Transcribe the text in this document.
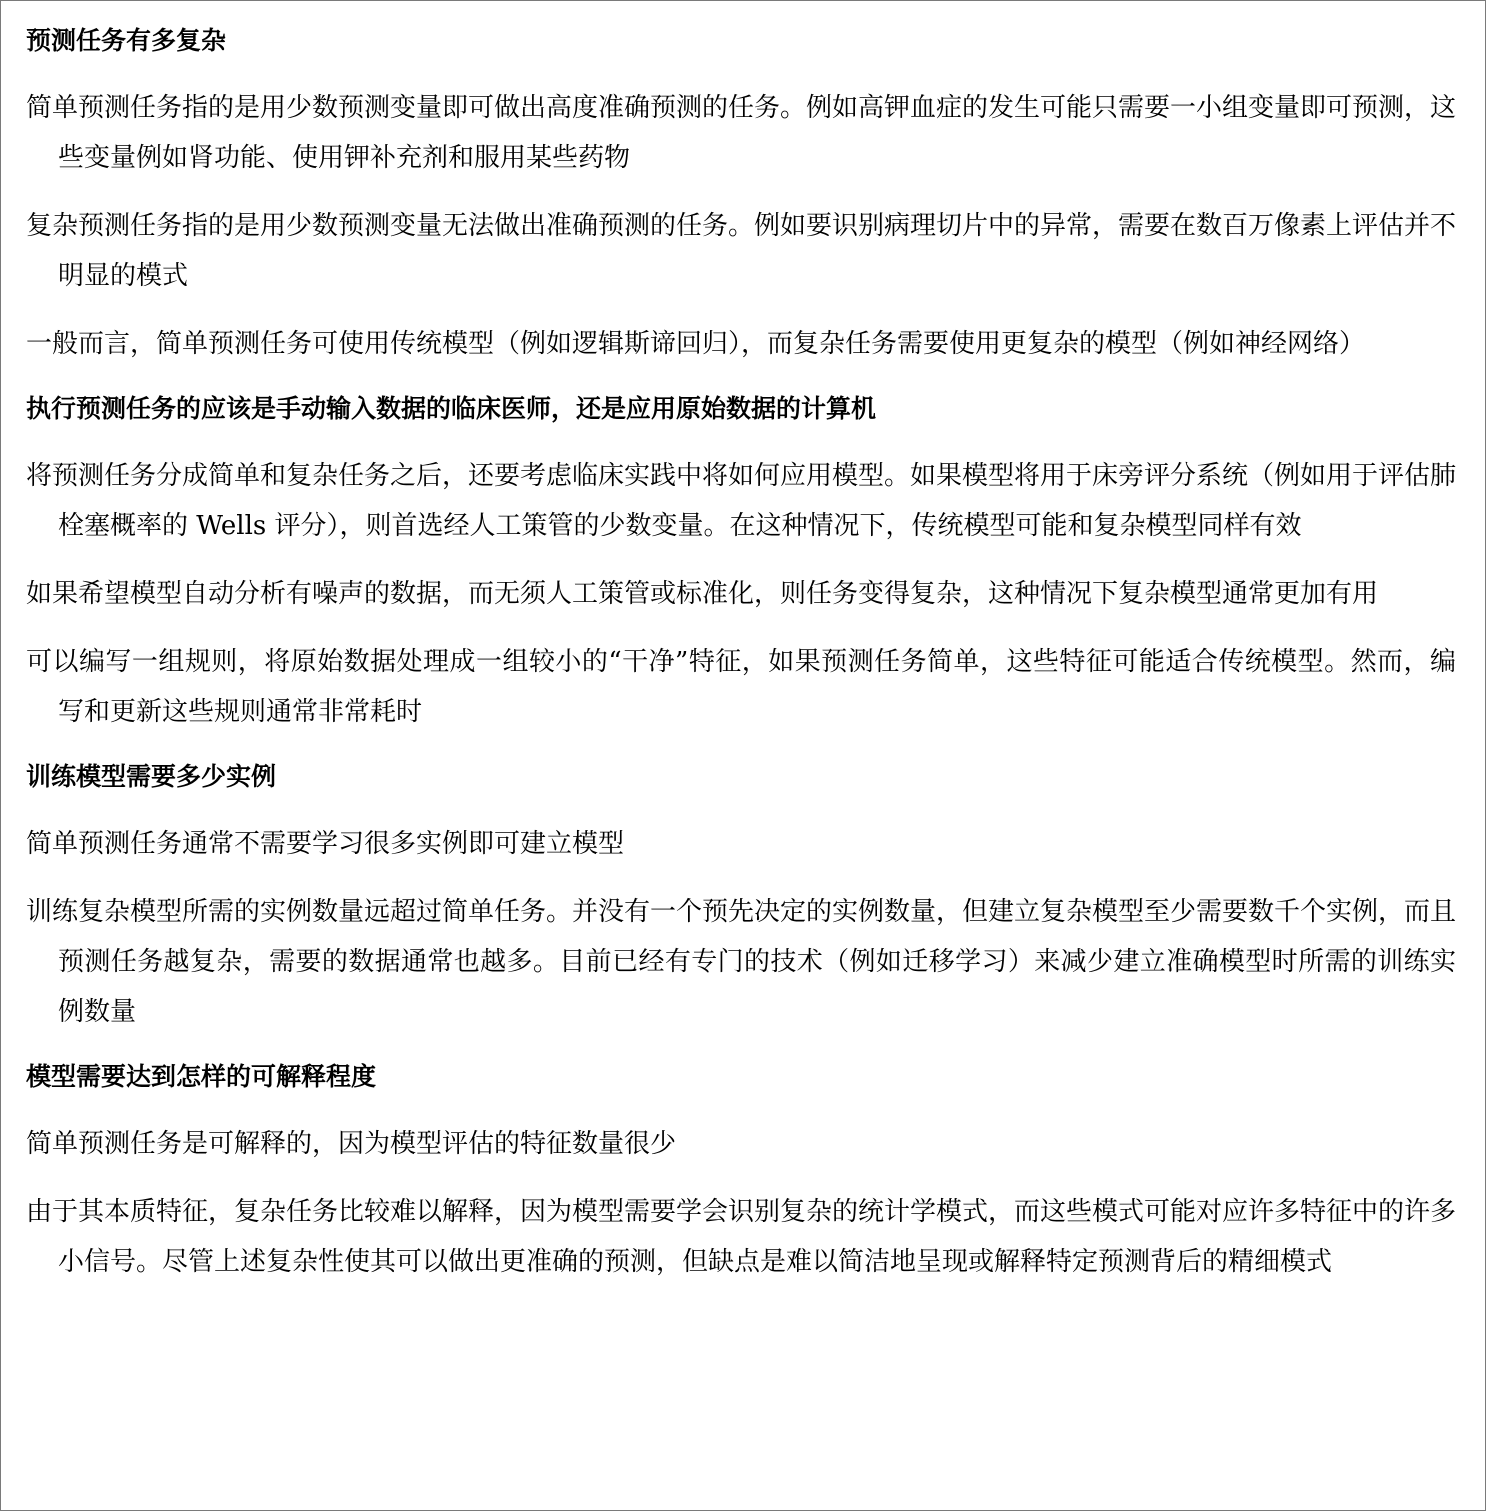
预测任务有多复杂

简单预测任务指的是用少数预测变量即可做出高度准确预测的任务。例如高钾血症的发生可能只需要一小组变量即可预测，这些变量例如肾功能、使用钾补充剂和服用某些药物

复杂预测任务指的是用少数预测变量无法做出准确预测的任务。例如要识别病理切片中的异常，需要在数百万像素上评估并不明显的模式

一般而言，简单预测任务可使用传统模型（例如逻辑斯谛回归），而复杂任务需要使用更复杂的模型（例如神经网络）

执行预测任务的应该是手动输入数据的临床医师，还是应用原始数据的计算机

将预测任务分成简单和复杂任务之后，还要考虑临床实践中将如何应用模型。如果模型将用于床旁评分系统（例如用于评估肺栓塞概率的 Wells 评分），则首选经人工策管的少数变量。在这种情况下，传统模型可能和复杂模型同样有效

如果希望模型自动分析有噪声的数据，而无须人工策管或标准化，则任务变得复杂，这种情况下复杂模型通常更加有用

可以编写一组规则，将原始数据处理成一组较小的“干净”特征，如果预测任务简单，这些特征可能适合传统模型。然而，编写和更新这些规则通常非常耗时

训练模型需要多少实例

简单预测任务通常不需要学习很多实例即可建立模型

训练复杂模型所需的实例数量远超过简单任务。并没有一个预先决定的实例数量，但建立复杂模型至少需要数千个实例，而且预测任务越复杂，需要的数据通常也越多。目前已经有专门的技术（例如迁移学习）来减少建立准确模型时所需的训练实例数量

模型需要达到怎样的可解释程度

简单预测任务是可解释的，因为模型评估的特征数量很少

由于其本质特征，复杂任务比较难以解释，因为模型需要学会识别复杂的统计学模式，而这些模式可能对应许多特征中的许多小信号。尽管上述复杂性使其可以做出更准确的预测，但缺点是难以简洁地呈现或解释特定预测背后的精细模式
